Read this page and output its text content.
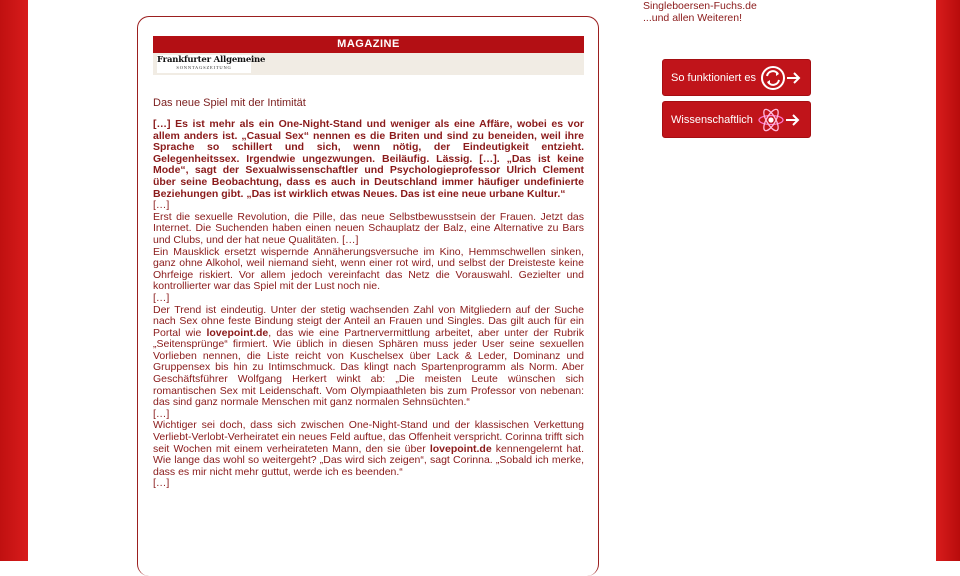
MAGAZINE
Frankfurter Allgemeine
SONNTAGSZEITUNG
Das neue Spiel mit der Intimität

[…] Es ist mehr als ein One-Night-Stand und weniger als eine Affäre, wobei es vor allem anders ist. „Casual Sex“ nennen es die Briten und sind zu beneiden, weil ihre Sprache so schillert und sich, wenn nötig, der Eindeutigkeit entzieht. Gelegenheitssex. Irgendwie ungezwungen. Beiläufig. Lässig. […]. „Das ist keine Mode“, sagt der Sexualwissenschaftler und Psychologieprofessor Ulrich Clement über seine Beobachtung, dass es auch in Deutschland immer häufiger undefinierte Beziehungen gibt. „Das ist wirklich etwas Neues. Das ist eine neue urbane Kultur.“

[…]

Erst die sexuelle Revolution, die Pille, das neue Selbstbewusstsein der Frauen. Jetzt das Internet. Die Suchenden haben einen neuen Schauplatz der Balz, eine Alternative zu Bars und Clubs, und der hat neue Qualitäten. […]

Ein Mausklick ersetzt wispernde Annäherungsversuche im Kino, Hemmschwellen sinken, ganz ohne Alkohol, weil niemand sieht, wenn einer rot wird, und selbst der Dreisteste keine Ohrfeige riskiert. Vor allem jedoch vereinfacht das Netz die Vorauswahl. Gezielter und kontrollierter war das Spiel mit der Lust noch nie.

[…]

Der Trend ist eindeutig. Unter der stetig wachsenden Zahl von Mitgliedern auf der Suche nach Sex ohne feste Bindung steigt der Anteil an Frauen und Singles. Das gilt auch für ein Portal wie lovepoint.de, das wie eine Partnervermittlung arbeitet, aber unter der Rubrik „Seitensprünge“ firmiert. Wie üblich in diesen Sphären muss jeder User seine sexuellen Vorlieben nennen, die Liste reicht von Kuschelsex über Lack & Leder, Dominanz und Gruppensex bis hin zu Intimschmuck. Das klingt nach Spartenprogramm als Norm. Aber Geschäftsführer Wolfgang Herkert winkt ab: „Die meisten Leute wünschen sich romantischen Sex mit Leidenschaft. Vom Olympiaathleten bis zum Professor von nebenan: das sind ganz normale Menschen mit ganz normalen Sehnsüchten.“

[…]

Wichtiger sei doch, dass sich zwischen One-Night-Stand und der klassischen Verkettung Verliebt-Verlobt-Verheiratet ein neues Feld auftue, das Offenheit verspricht. Corinna trifft sich seit Wochen mit einem verheirateten Mann, den sie über lovepoint.de kennengelernt hat. Wie lange das wohl so weitergeht? „Das wird sich zeigen“, sagt Corinna. „Sobald ich merke, dass es mir nicht mehr guttut, werde ich es beenden.“

[…]
Singleboersen-Fuchs.de
...und allen Weiteren!
So funktioniert es
Wissenschaftlich
